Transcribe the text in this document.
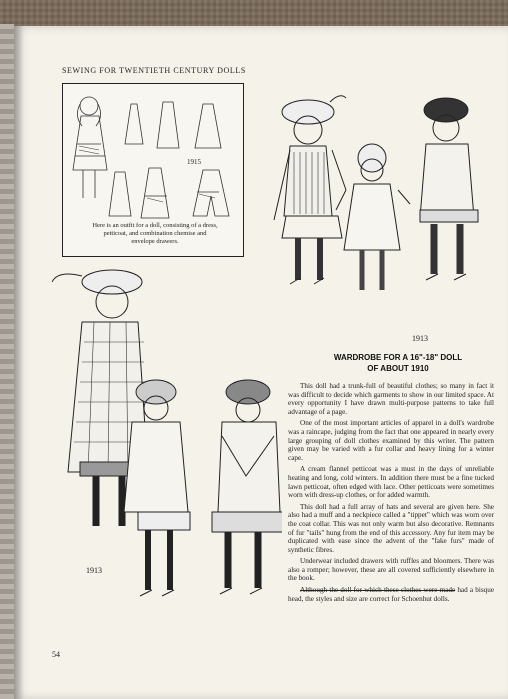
SEWING FOR TWENTIETH CENTURY DOLLS
1915
Here is an outfit for a doll, consisting of a dress, petticoat, and combination chemise and envelope drawers.
1913
1913
WARDROBE FOR A 16"-18" DOLL
OF ABOUT 1910

This doll had a trunk-full of beautiful clothes; so many in fact it was difficult to decide which garments to show in our limited space. At every opportunity I have drawn multi-purpose patterns to take full advantage of a page.

One of the most important articles of apparel in a doll's wardrobe was a raincape, judging from the fact that one appeared in nearly every large grouping of doll clothes examined by this writer. The pattern given may be varied with a fur collar and heavy lining for a winter cape.

A cream flannel petticoat was a must in the days of unreliable heating and long, cold winters. In addition there must be a fine tucked lawn petticoat, often edged with lace. Other petticoats were sometimes worn with dress-up clothes, or for added warmth.

This doll had a full array of hats and several are given here. She also had a muff and a neckpiece called a "tippet" which was worn over the coat collar. This was not only warm but also decorative. Remnants of fur "tails" hung from the end of this accessory. Any fur item may be duplicated with ease since the advent of the "fake furs" made of synthetic fibres.

Underwear included drawers with ruffles and bloomers. There was also a romper; however, these are all covered sufficiently elsewhere in the book.

Although the doll for which these clothes were made had a bisque head, the styles and size are correct for Schoenhut dolls.

54
